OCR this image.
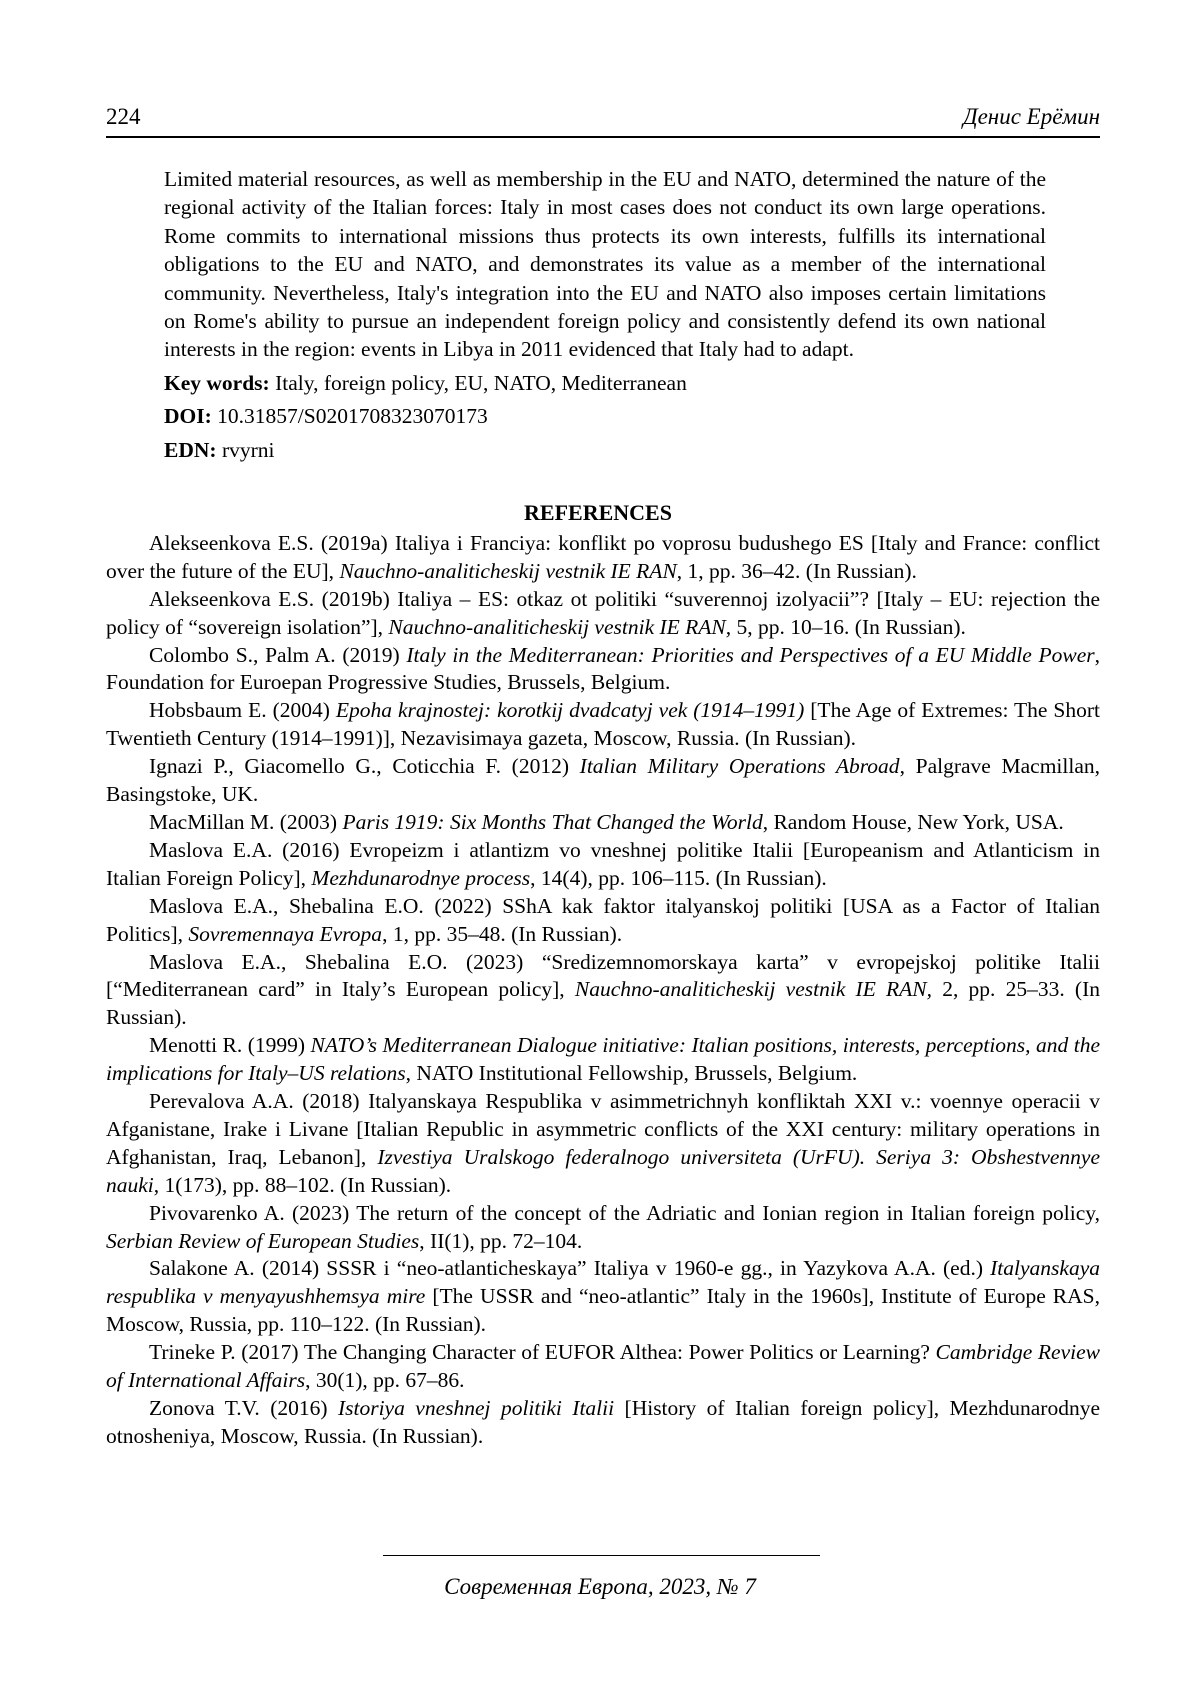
224	Денис Ерёмин

Limited material resources, as well as membership in the EU and NATO, determined the nature of the regional activity of the Italian forces: Italy in most cases does not conduct its own large operations. Rome commits to international missions thus protects its own interests, fulfills its international obligations to the EU and NATO, and demonstrates its value as a member of the international community. Nevertheless, Italy's integration into the EU and NATO also imposes certain limitations on Rome's ability to pursue an independent foreign policy and consistently defend its own national interests in the region: events in Libya in 2011 evidenced that Italy had to adapt.

Key words: Italy, foreign policy, EU, NATO, Mediterranean

DOI: 10.31857/S0201708323070173

EDN: rvyrni

REFERENCES

Alekseenkova E.S. (2019a) Italiya i Franciya: konflikt po voprosu budushego ES [Italy and France: conflict over the future of the EU], Nauchno-analiticheskij vestnik IE RAN, 1, pp. 36–42. (In Russian).

Alekseenkova E.S. (2019b) Italiya – ES: otkaz ot politiki “suverennoj izolyacii”? [Italy – EU: rejection the policy of “sovereign isolation”], Nauchno-analiticheskij vestnik IE RAN, 5, pp. 10–16. (In Russian).

Colombo S., Palm A. (2019) Italy in the Mediterranean: Priorities and Perspectives of a EU Middle Power, Foundation for Euroepan Progressive Studies, Brussels, Belgium.

Hobsbaum E. (2004) Epoha krajnostej: korotkij dvadcatyj vek (1914–1991) [The Age of Extremes: The Short Twentieth Century (1914–1991)], Nezavisimaya gazeta, Moscow, Russia. (In Russian).

Ignazi P., Giacomello G., Coticchia F. (2012) Italian Military Operations Abroad, Palgrave Macmillan, Basingstoke, UK.

MacMillan M. (2003) Paris 1919: Six Months That Changed the World, Random House, New York, USA.

Maslova E.A. (2016) Evropeizm i atlantizm vo vneshnej politike Italii [Europeanism and Atlanticism in Italian Foreign Policy], Mezhdunarodnye process, 14(4), pp. 106–115. (In Russian).

Maslova E.A., Shebalina E.O. (2022) SShA kak faktor italyanskoj politiki [USA as a Factor of Italian Politics], Sovremennaya Evropa, 1, pp. 35–48. (In Russian).

Maslova E.A., Shebalina E.O. (2023) “Sredizemnomorskaya karta” v evropejskoj politike Italii [“Mediterranean card” in Italy’s European policy], Nauchno-analiticheskij vestnik IE RAN, 2, pp. 25–33. (In Russian).

Menotti R. (1999) NATO’s Mediterranean Dialogue initiative: Italian positions, interests, perceptions, and the implications for Italy–US relations, NATO Institutional Fellowship, Brussels, Belgium.

Perevalova A.A. (2018) Italyanskaya Respublika v asimmetrichnyh konfliktah XXI v.: voennye operacii v Afganistane, Irake i Livane [Italian Republic in asymmetric conflicts of the XXI century: military operations in Afghanistan, Iraq, Lebanon], Izvestiya Uralskogo federalnogo universiteta (UrFU). Seriya 3: Obshestvennye nauki, 1(173), pp. 88–102. (In Russian).

Pivovarenko A. (2023) The return of the concept of the Adriatic and Ionian region in Italian foreign policy, Serbian Review of European Studies, II(1), pp. 72–104.

Salakone A. (2014) SSSR i “neo-atlanticheskaya” Italiya v 1960-e gg., in Yazykova A.A. (ed.) Italyanskaya respublika v menyayushhemsya mire [The USSR and “neo-atlantic” Italy in the 1960s], Institute of Europe RAS, Moscow, Russia, pp. 110–122. (In Russian).

Trineke P. (2017) The Changing Character of EUFOR Althea: Power Politics or Learning? Cambridge Review of International Affairs, 30(1), pp. 67–86.

Zonova T.V. (2016) Istoriya vneshnej politiki Italii [History of Italian foreign policy], Mezhdunarodnye otnosheniya, Moscow, Russia. (In Russian).

Современная Европа, 2023, № 7
